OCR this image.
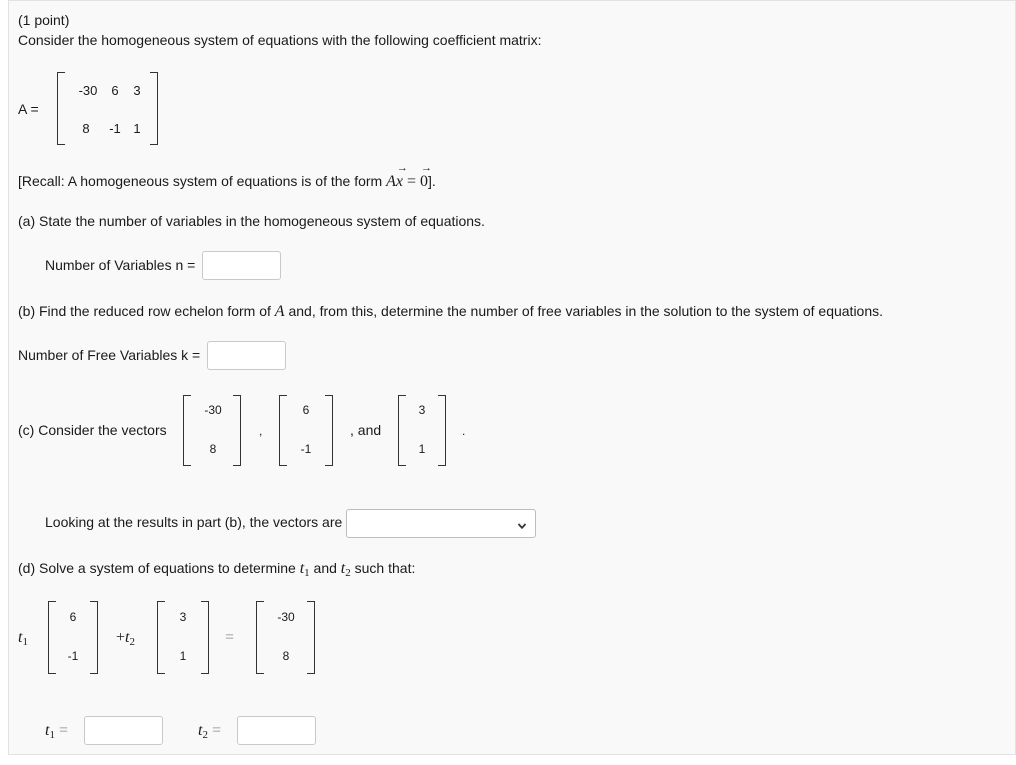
(1 point)
Consider the homogeneous system of equations with the following coefficient matrix:
A =
-30	6	3
8	-1 1
[Recall: A homogeneous system of equations is of the form A
→
x =
→
0].
(a) State the number of variables in the homogeneous system of equations.
Number of Variables n =
(b) Find the reduced row echelon form of A and, from this, determine the number of free variables in the solution to the system of equations.
Number of Free Variables k =
(c) Consider the vectors
-30
8
,
6
-1
, and
3
1
.
Looking at the results in part (b), the vectors are
(d) Solve a system of equations to determine $t_1$ and $t_2$ such that:
$t_1$
6
-1
$+t_2$
3
1
=
-30
8
$t_1$ =	$t_2$ =
